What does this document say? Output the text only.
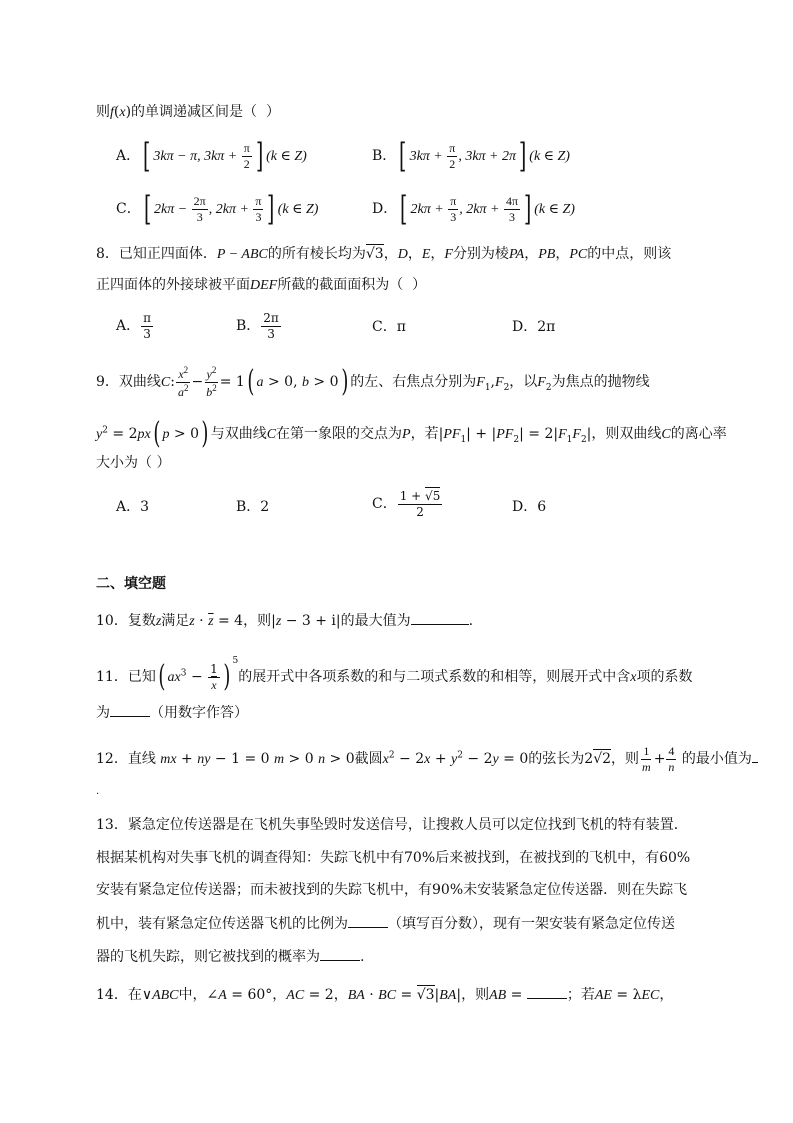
则f(x)的单调递减区间是（  ）
A．[ 3kπ − π, $3k\pi + \frac{\pi}{2}$ ] (k ∈ Z)	B．[ $3k\pi + \frac{\pi}{2}$ , 3kπ + 2π] (k ∈ Z)
C．[ $2k\pi - \frac{2\pi}{3}$ , $2k\pi + \frac{\pi}{3}$ ] (k ∈ Z)	D．[ $2k\pi + \frac{\pi}{3}$ , $2k\pi + \frac{4\pi}{3}$ ] (k ∈ Z)
8．已知正四面体．P − ABC的所有棱长均为√3，D，E，F分别为棱PA，PB，PC的中点，则该
正四面体的外接球被平面DEF所截的截面面积为（  ）
A． $\frac{\pi}{3}$	B． $\frac{2\pi}{3}$	C．π	D．2π
9．双曲线C: $\frac{x^2}{a^2} - \frac{y^2}{b^2} = 1$( a > 0, b > 0) 的左、右焦点分别为$F_1,F_2$，以$F_2$为焦点的抛物线
$y^2 = 2px$( p > 0) 与双曲线C在第一象限的交点为P，若$|PF_1| + |PF_2| = 2|F_1F_2|$，则双曲线C的离心率
大小为（ ）
A．3	B．2	C． $\frac{1 + √5}{2}$	D．6
二、填空题
10．复数z满足$z \cdot \overline{z} = 4$，则|z − 3 + i|的最大值为	.
11．已知( $ax^3 - \frac{1}{x}$ ) $^5$的展开式中各项系数的和与二项式系数的和相等，则展开式中含x项的系数
为	（用数字作答）
12．直线 mx + ny − 1 = 0 m > 0 n > 0截圆$x^2 - 2x + y^2 - 2y = 0$的弦长为2√2，则 $\frac{1}{m} + \frac{4}{n}$ 的最小值为
.
13．紧急定位传送器是在飞机失事坠毁时发送信号，让搜救人员可以定位找到飞机的特有装置．
根据某机构对失事飞机的调查得知：失踪飞机中有70%后来被找到，在被找到的飞机中，有60%
安装有紧急定位传送器；而未被找到的失踪飞机中，有90%未安装紧急定位传送器．则在失踪飞
机中，装有紧急定位传送器飞机的比例为	（填写百分数），现有一架安装有紧急定位传送
器的飞机失踪，则它被找到的概率为	.
14．在∨ABC中，∠A = 60°，AC = 2，BA · BC = √3|BA|，则AB =	；若AE = λEC，
